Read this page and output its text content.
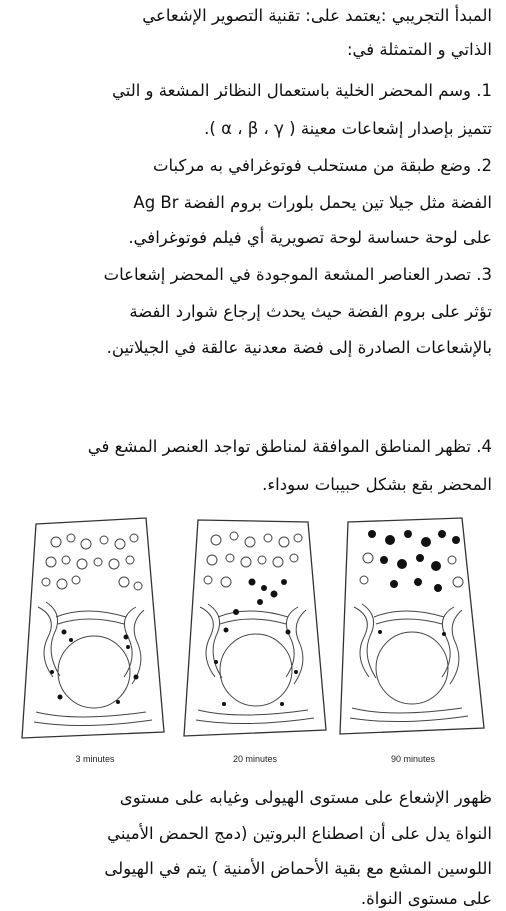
المبدأ التجريبي :يعتمد على: تقنية التصوير الإشعاعي
الذاتي و المتمثلة في:
1. وسم المحضر الخلية باستعمال النظائر المشعة و التي
تتميز بإصدار إشعاعات معينة ( α ، β ، γ ).
2. وضع طبقة من مستحلب فوتوغرافي به مركبات
الفضة مثل جيلا تين يحمل بلورات بروم الفضة Ag Br
على لوحة حساسة لوحة تصويرية أي فيلم فوتوغرافي.
3. تصدر العناصر المشعة الموجودة في المحضر إشعاعات
تؤثر على بروم الفضة حيث يحدث إرجاع شوارد الفضة
بالإشعاعات الصادرة إلى فضة معدنية عالقة في الجيلاتين.
4. تظهر المناطق الموافقة لمناطق تواجد العنصر المشع في
المحضر بقع بشكل حبيبات سوداء.
3 minutes	20 minutes	90 minutes
ظهور الإشعاع على مستوى الهيولى وغيابه على مستوى
النواة يدل على أن اصطناع البروتين (دمج الحمض الأميني
اللوسين المشع مع بقية الأحماض الأمنية ) يتم في الهيولى
على مستوى النواة.
